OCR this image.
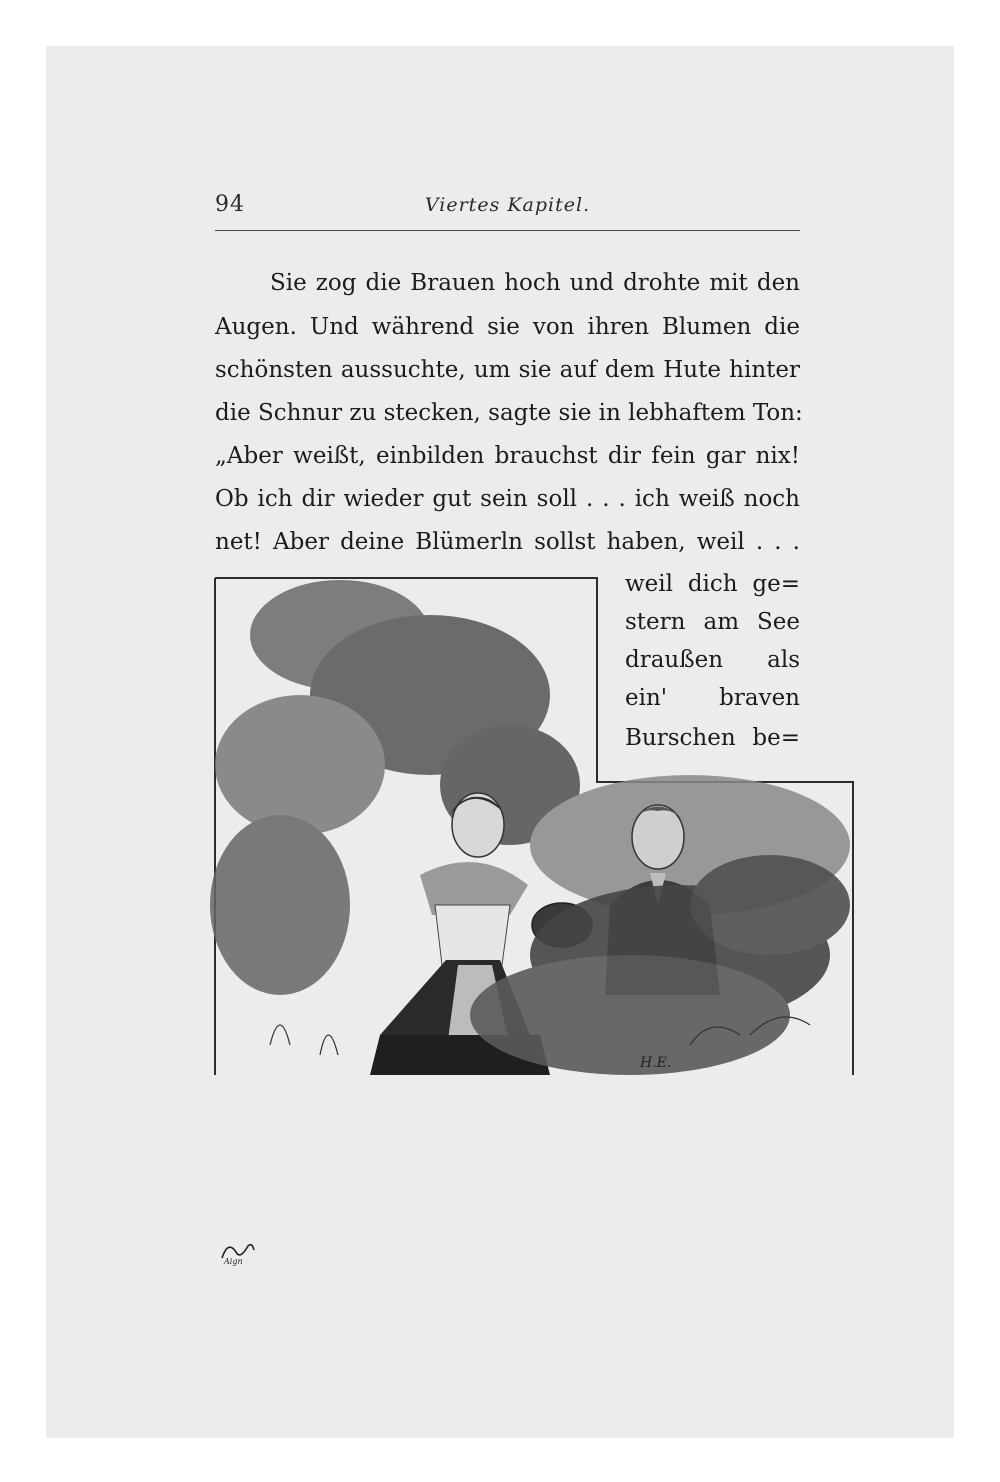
94	Viertes Kapitel.
Sie zog die Brauen hoch und drohte mit den
Augen. Und während sie von ihren Blumen die
schönsten aussuchte, um sie auf dem Hute hinter
die Schnur zu stecken, sagte sie in lebhaftem Ton:
„Aber weißt, einbilden brauchst dir fein gar nix!
Ob ich dir wieder gut sein soll . . . ich weiß noch
net! Aber deine Blümerln sollst haben, weil . . .
weil dich ge=
stern am See
draußen als
ein' braven
Burschen be=
H.E.
Aign
